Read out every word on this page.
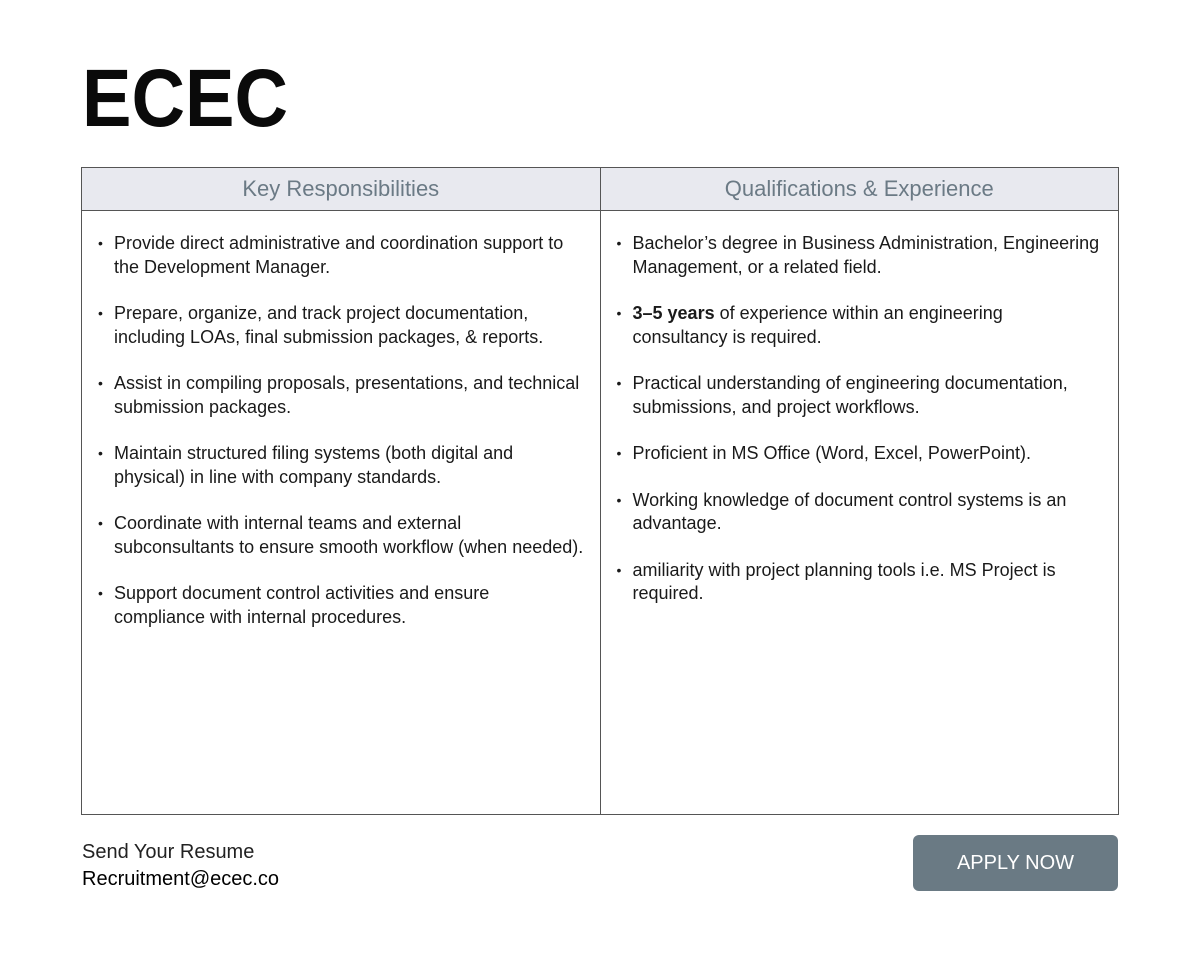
ECEC
Key Responsibilities
• Provide direct administrative and coordination support to the Development Manager.
• Prepare, organize, and track project documentation, including LOAs, final submission packages, & reports.
• Assist in compiling proposals, presentations, and technical submission packages.
• Maintain structured filing systems (both digital and physical) in line with company standards.
• Coordinate with internal teams and external subconsultants to ensure smooth workflow (when needed).
• Support document control activities and ensure compliance with internal procedures.
Qualifications & Experience
• Bachelor’s degree in Business Administration, Engineering Management, or a related field.
• 3–5 years of experience within an engineering consultancy is required.
• Practical understanding of engineering documentation, submissions, and project workflows.
• Proficient in MS Office (Word, Excel, PowerPoint).
• Working knowledge of document control systems is an advantage.
• amiliarity with project planning tools i.e. MS Project is required.
Send Your Resume
Recruitment@ecec.co
APPLY NOW
